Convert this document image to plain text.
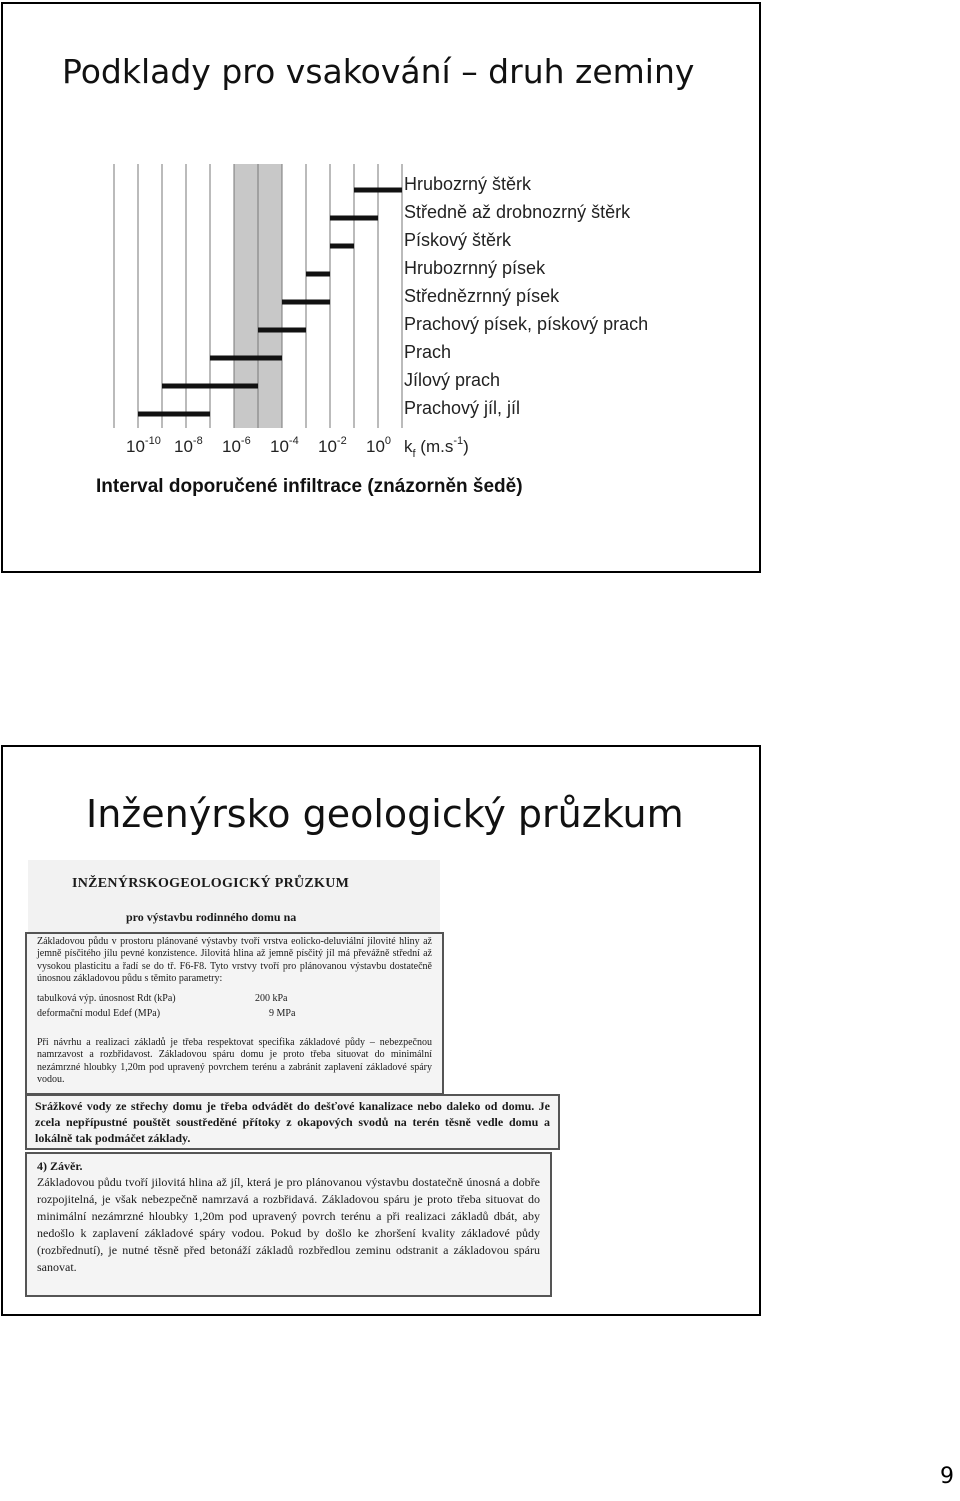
Podklady pro vsakování – druh zeminy
Hrubozrný štěrk
Středně až drobnozrný štěrk
Pískový štěrk
Hrubozrnný písek
Střednězrnný písek
Prachový písek, pískový prach
Prach
Jílový prach
Prachový jíl, jíl
$10^{-10}$ $10^{-8}$ $10^{-6}$ $10^{-4}$ $10^{-2}$ $10^0$ $k_f$ $(m.s^{-1})$
Interval doporučené infiltrace (znázorněn šedě)
Inženýrsko geologický průzkum
INŽENÝRSKOGEOLOGICKÝ PRŮZKUM
pro výstavbu rodinného domu na

Základovou půdu v prostoru plánované výstavby tvoří vrstva eolicko-deluviální jilovité hliny až jemně písčitého jílu pevné konzistence. Jilovitá hlina až jemně písčitý jíl má převážně střední až vysokou plasticitu a řadí se do tř. F6-F8. Tyto vrstvy tvoří pro plánovanou výstavbu dostatečně únosnou základovou půdu s těmito parametry:

tabulková výp. únosnost Rdt (kPa)	200 kPa
deformační modul Edef (MPa)	9 MPa

Při návrhu a realizaci základů je třeba respektovat specifika základové půdy – nebezpečnou namrzavost a rozbřidavost. Základovou spáru domu je proto třeba situovat do minimální nezámrzné hloubky 1,20m pod upravený povrchem terénu a zabránit zaplavení základové spáry vodou.

Srážkové vody ze střechy domu je třeba odvádět do dešťové kanalizace nebo daleko od domu. Je zcela nepřípustné pouštět soustředěné přítoky z okapových svodů na terén těsně vedle domu a lokálně tak podmáčet základy.

4) Závěr.

Základovou půdu tvoří jilovitá hlina až jíl, která je pro plánovanou výstavbu dostatečně únosná a dobře rozpojitelná, je však nebezpečně namrzavá a rozbřidavá. Základovou spáru je proto třeba situovat do minimální nezámrzné hloubky 1,20m pod upravený povrch terénu a při realizaci základů dbát, aby nedošlo k zaplavení základové spáry vodou. Pokud by došlo ke zhoršení kvality základové půdy (rozbřednutí), je nutné těsně před betonáží základů rozbředlou zeminu odstranit a základovou spáru sanovat.

9
